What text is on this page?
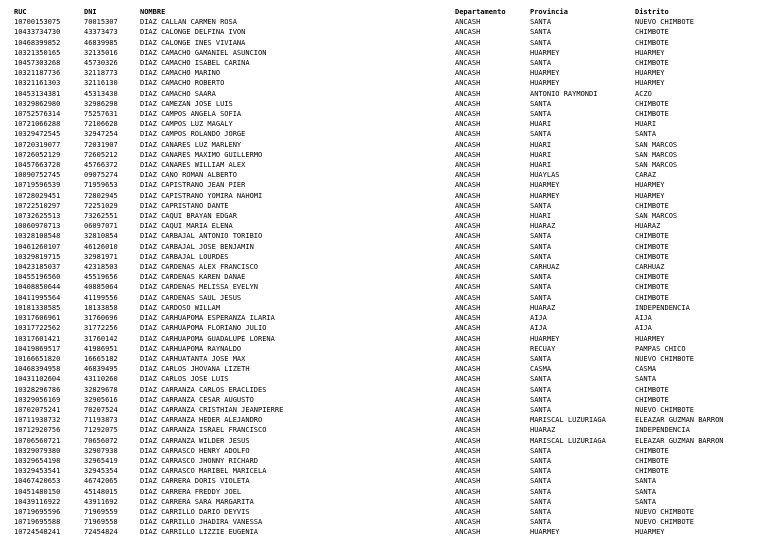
RUC	DNI	NOMBRE	Departamento	Provincia	Distrito
10700153075	70015307	DIAZ CALLAN CARMEN ROSA	ANCASH	SANTA	NUEVO CHIMBOTE
10433734730	43373473	DIAZ CALONGE DELFINA IVON	ANCASH	SANTA	CHIMBOTE
10468399852	46839985	DIAZ CALONGE INES VIVIANA	ANCASH	SANTA	CHIMBOTE
10321350165	32135016	DIAZ CAMACHO GAMANIEL ASUNCION	ANCASH	HUARMEY	HUARMEY
10457303268	45730326	DIAZ CAMACHO ISABEL CARINA	ANCASH	SANTA	CHIMBOTE
10321187736	32118773	DIAZ CAMACHO MARINO	ANCASH	HUARMEY	HUARMEY
10321161303	32116130	DIAZ CAMACHO ROBERTO	ANCASH	HUARMEY	HUARMEY
10453134381	45313438	DIAZ CAMACHO SAARA	ANCASH	ANTONIO RAYMONDI	ACZO
10329862980	32986298	DIAZ CAMEZAN JOSE LUIS	ANCASH	SANTA	CHIMBOTE
10752576314	75257631	DIAZ CAMPOS ANGELA SOFIA	ANCASH	SANTA	CHIMBOTE
10721066288	72106628	DIAZ CAMPOS LUZ MAGALY	ANCASH	HUARI	HUARI
10329472545	32947254	DIAZ CAMPOS ROLANDO JORGE	ANCASH	SANTA	SANTA
10720319077	72031907	DIAZ CANARES LUZ MARLENY	ANCASH	HUARI	SAN MARCOS
10726052129	72605212	DIAZ CANARES MAXIMO GUILLERMO	ANCASH	HUARI	SAN MARCOS
10457663728	45766372	DIAZ CANARES WILLIAM ALEX	ANCASH	HUARI	SAN MARCOS
10090752745	09075274	DIAZ CANO ROMAN ALBERTO	ANCASH	HUAYLAS	CARAZ
10719596539	71959653	DIAZ CAPISTRANO JEAN PIER	ANCASH	HUARMEY	HUARMEY
10728029451	72802945	DIAZ CAPISTRANO YOMIRA NAHOMI	ANCASH	HUARMEY	HUARMEY
10722510297	72251029	DIAZ CAPRISTANO DANTE	ANCASH	SANTA	CHIMBOTE
10732625513	73262551	DIAZ CAQUI BRAYAN EDGAR	ANCASH	HUARI	SAN MARCOS
10060970713	06097071	DIAZ CAQUI MARIA ELENA	ANCASH	HUARAZ	HUARAZ
10328108548	32810854	DIAZ CARBAJAL ANTONIO TORIBIO	ANCASH	SANTA	CHIMBOTE
10461260107	46126010	DIAZ CARBAJAL JOSE BENJAMIN	ANCASH	SANTA	CHIMBOTE
10329819715	32981971	DIAZ CARBAJAL LOURDES	ANCASH	SANTA	CHIMBOTE
10423185037	42318503	DIAZ CARDENAS ALEX FRANCISCO	ANCASH	CARHUAZ	CARHUAZ
10455196560	45519656	DIAZ CARDENAS KAREN DANAE	ANCASH	SANTA	CHIMBOTE
10408850644	40885064	DIAZ CARDENAS MELISSA EVELYN	ANCASH	SANTA	CHIMBOTE
10411995564	41199556	DIAZ CARDENAS SAUL JESUS	ANCASH	SANTA	CHIMBOTE
10181338585	18133858	DIAZ CARDOSO WILLAM	ANCASH	HUARAZ	INDEPENDENCIA
10317606961	31760696	DIAZ CARHUAPOMA ESPERANZA ILARIA	ANCASH	AIJA	AIJA
10317722562	31772256	DIAZ CARHUAPOMA FLORIANO JULIO	ANCASH	AIJA	AIJA
10317601421	31760142	DIAZ CARHUAPOMA GUADALUPE LORENA	ANCASH	HUARMEY	HUARMEY
10419869517	41986951	DIAZ CARHUAPOMA RAYNALDO	ANCASH	RECUAY	PAMPAS CHICO
10166651820	16665182	DIAZ CARHUATANTA JOSE MAX	ANCASH	SANTA	NUEVO CHIMBOTE
10468394958	46839495	DIAZ CARLOS JHOVANA LIZETH	ANCASH	CASMA	CASMA
10431102604	43110260	DIAZ CARLOS JOSE LUIS	ANCASH	SANTA	SANTA
10328296786	32829678	DIAZ CARRANZA CARLOS ERACLIDES	ANCASH	SANTA	CHIMBOTE
10329056169	32905616	DIAZ CARRANZA CESAR AUGUSTO	ANCASH	SANTA	CHIMBOTE
10702075241	70207524	DIAZ CARRANZA CRISTHIAN JEANPIERRE	ANCASH	SANTA	NUEVO CHIMBOTE
10711938732	71193873	DIAZ CARRANZA HEDER ALEJANDRO	ANCASH	MARISCAL LUZURIAGA	ELEAZAR GUZMAN BARRON
10712920756	71292075	DIAZ CARRANZA ISRAEL FRANCISCO	ANCASH	HUARAZ	INDEPENDENCIA
10706560721	70656072	DIAZ CARRANZA WILDER JESUS	ANCASH	MARISCAL LUZURIAGA	ELEAZAR GUZMAN BARRON
10329079380	32907938	DIAZ CARRASCO HENRY ADOLFO	ANCASH	SANTA	CHIMBOTE
10329654198	32965419	DIAZ CARRASCO JHONNY RICHARD	ANCASH	SANTA	CHIMBOTE
10329453541	32945354	DIAZ CARRASCO MARIBEL MARICELA	ANCASH	SANTA	CHIMBOTE
10467420653	46742065	DIAZ CARRERA DORIS VIOLETA	ANCASH	SANTA	SANTA
10451480150	45148015	DIAZ CARRERA FREDDY JOEL	ANCASH	SANTA	SANTA
10439116922	43911692	DIAZ CARRERA SARA MARGARITA	ANCASH	SANTA	SANTA
10719695596	71969559	DIAZ CARRILLO DARIO DEYVIS	ANCASH	SANTA	NUEVO CHIMBOTE
10719695588	71969558	DIAZ CARRILLO JHADIRA VANESSA	ANCASH	SANTA	NUEVO CHIMBOTE
10724548241	72454824	DIAZ CARRILLO LIZZIE EUGENIA	ANCASH	HUARMEY	HUARMEY
